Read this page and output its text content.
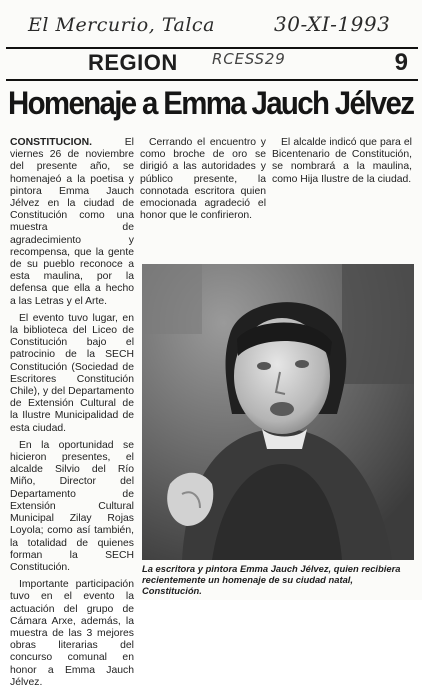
El Mercurio, Talca	30-XI-1993
REGION	9
RCESS29
Homenaje a Emma Jauch Jélvez

CONSTITUCION.	El viernes 26 de noviembre del presente año, se homenajeó a la poetisa y pintora Emma Jauch Jélvez en la ciudad de Constitución como una muestra de agradecimiento y recompensa, que la gente de su pueblo reconoce a esta maulina, por la defensa que ella a hecho a las Letras y el Arte.

El evento tuvo lugar, en la biblioteca del Liceo de Constitución bajo el patrocinio de la SECH Constitución (Sociedad de Escritores Constitución Chile), y del Departamento de Extensión Cultural de la Ilustre Municipalidad de esta ciudad.

En la oportunidad se hicieron presentes, el alcalde Silvio del Río Miño, Director del Departamento de Extensión Cultural Municipal Zilay Rojas Loyola; como así también, la totalidad de quienes forman la SECH Constitución.

Importante participación tuvo en el evento la actuación del grupo de Cámara Arxe, además, la muestra de las 3 mejores obras literarias del concurso comunal en honor a Emma Jauch Jélvez.

Cerrando el encuentro y como broche de oro se dirigió a las autoridades y público presente, la connotada escritora quien emocionada agradeció el honor que le confirieron.

El alcalde indicó que para el Bicentenario de Constitución, se nombrará a la maulina, como Hija Ilustre de la ciudad.

La escritora y pintora Emma Jauch Jélvez, quien recibiera recientemente un homenaje de su ciudad natal, Constitución.
